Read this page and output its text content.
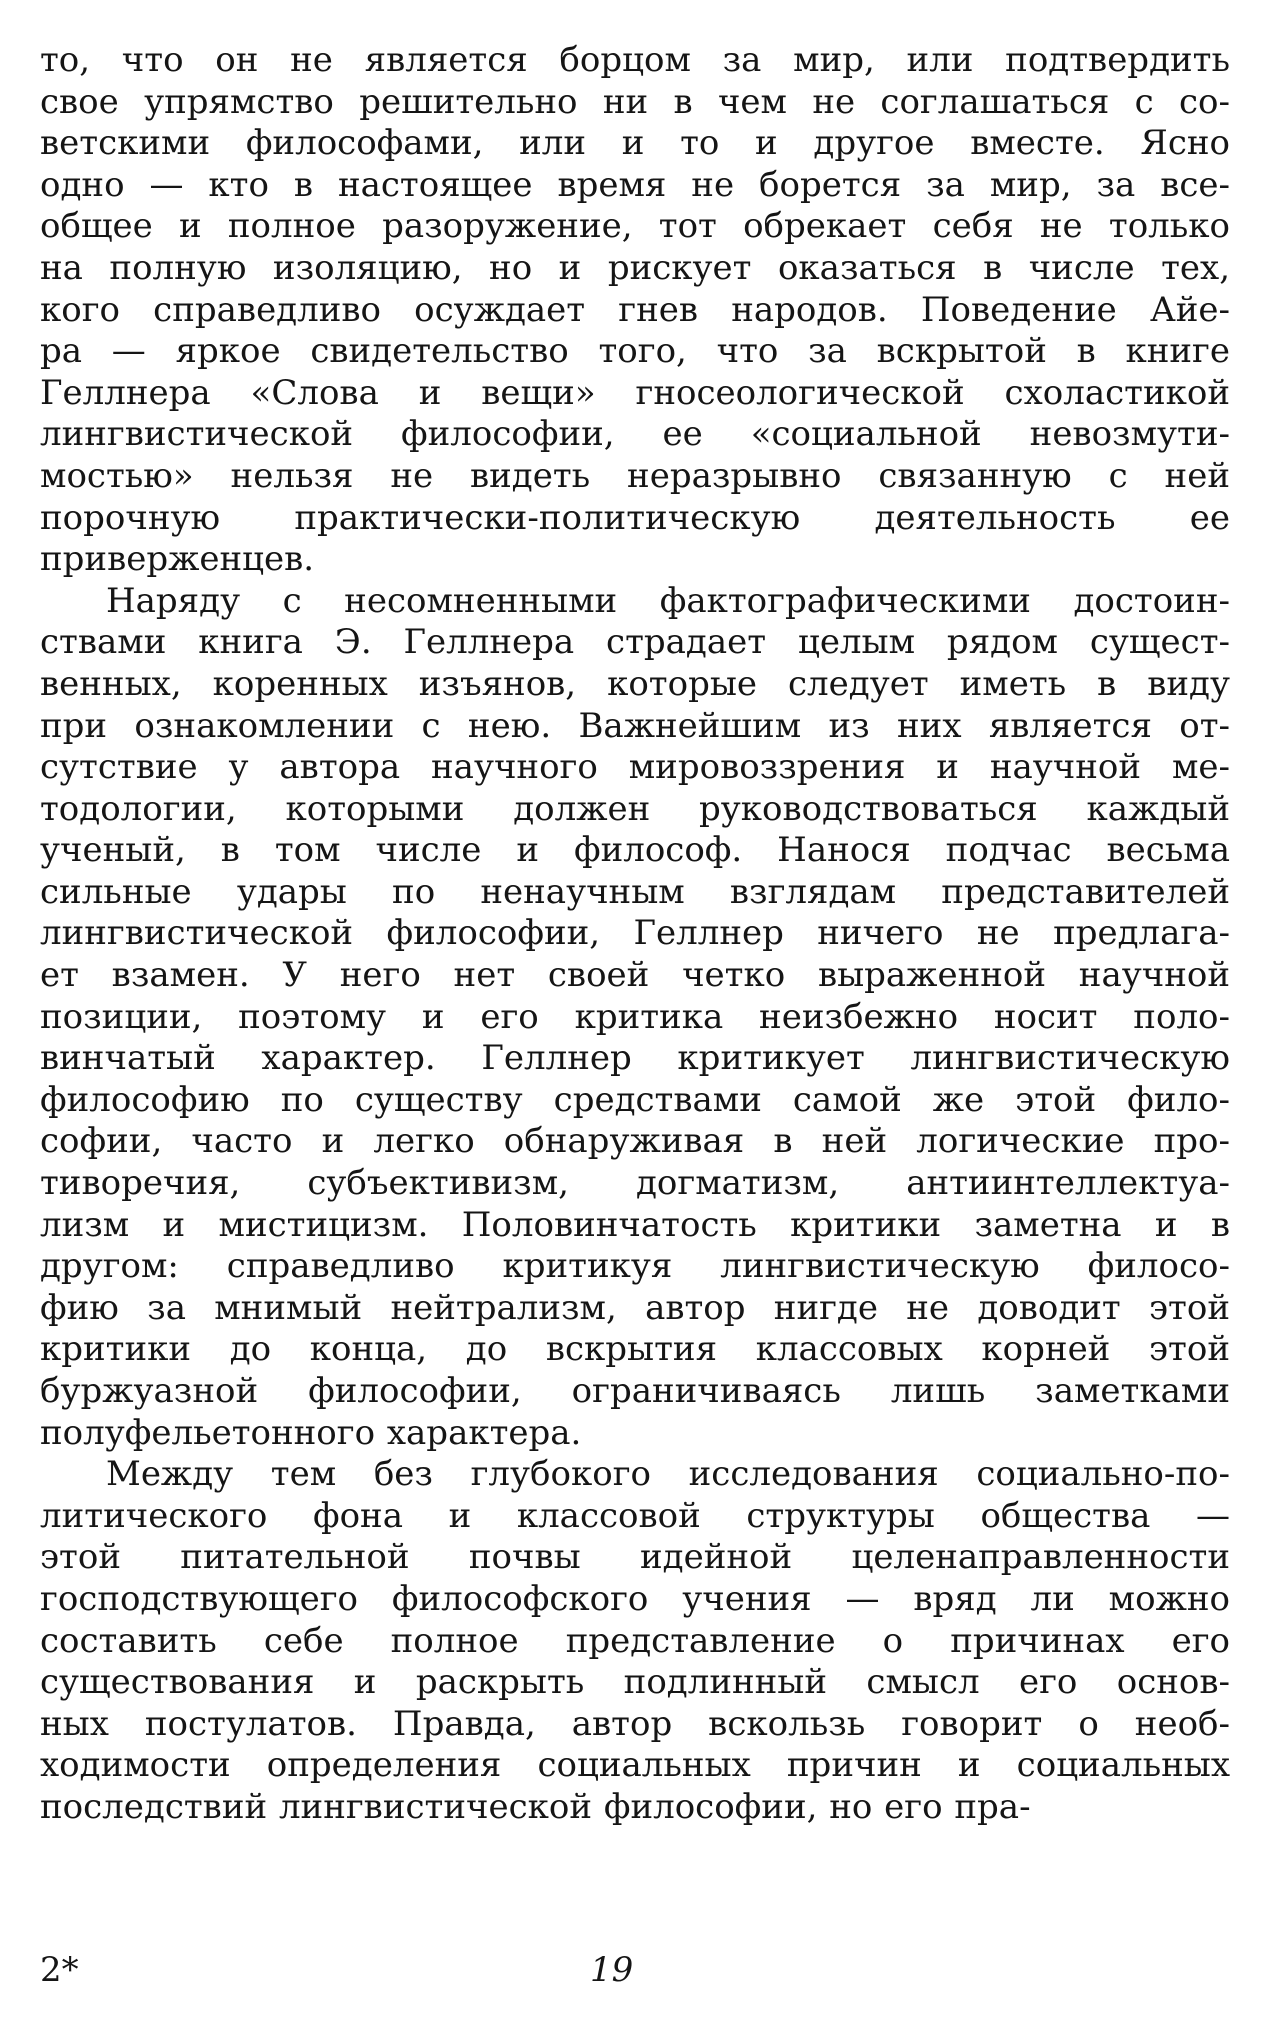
то, что он не является борцом за мир, или подтвердить
свое упрямство решительно ни в чем не соглашаться с со-
ветскими философами, или и то и другое вместе. Ясно
одно — кто в настоящее время не борется за мир, за все-
общее и полное разоружение, тот обрекает себя не только
на полную изоляцию, но и рискует оказаться в числе тех,
кого справедливо осуждает гнев народов. Поведение Айе-
ра — яркое свидетельство того, что за вскрытой в книге
Геллнера «Слова и вещи» гносеологической схоластикой
лингвистической философии, ее «социальной невозмути-
мостью» нельзя не видеть неразрывно связанную с ней
порочную практически-политическую деятельность ее
приверженцев.
Наряду с несомненными фактографическими достоин-
ствами книга Э. Геллнера страдает целым рядом сущест-
венных, коренных изъянов, которые следует иметь в виду
при ознакомлении с нею. Важнейшим из них является от-
сутствие у автора научного мировоззрения и научной ме-
тодологии, которыми должен руководствоваться каждый
ученый, в том числе и философ. Нанося подчас весьма
сильные удары по ненаучным взглядам представителей
лингвистической философии, Геллнер ничего не предлага-
ет взамен. У него нет своей четко выраженной научной
позиции, поэтому и его критика неизбежно носит поло-
винчатый характер. Геллнер критикует лингвистическую
философию по существу средствами самой же этой фило-
софии, часто и легко обнаруживая в ней логические про-
тиворечия, субъективизм, догматизм, антиинтеллектуа-
лизм и мистицизм. Половинчатость критики заметна и в
другом: справедливо критикуя лингвистическую филосо-
фию за мнимый нейтрализм, автор нигде не доводит этой
критики до конца, до вскрытия классовых корней этой
буржуазной философии, ограничиваясь лишь заметками
полуфельетонного характера.
Между тем без глубокого исследования социально-по-
литического фона и классовой структуры общества —
этой питательной почвы идейной целенаправленности
господствующего философского учения — вряд ли можно
составить себе полное представление о причинах его
существования и раскрыть подлинный смысл его основ-
ных постулатов. Правда, автор вскользь говорит о необ-
ходимости определения социальных причин и социальных
последствий лингвистической философии, но его пра-
2*	19
